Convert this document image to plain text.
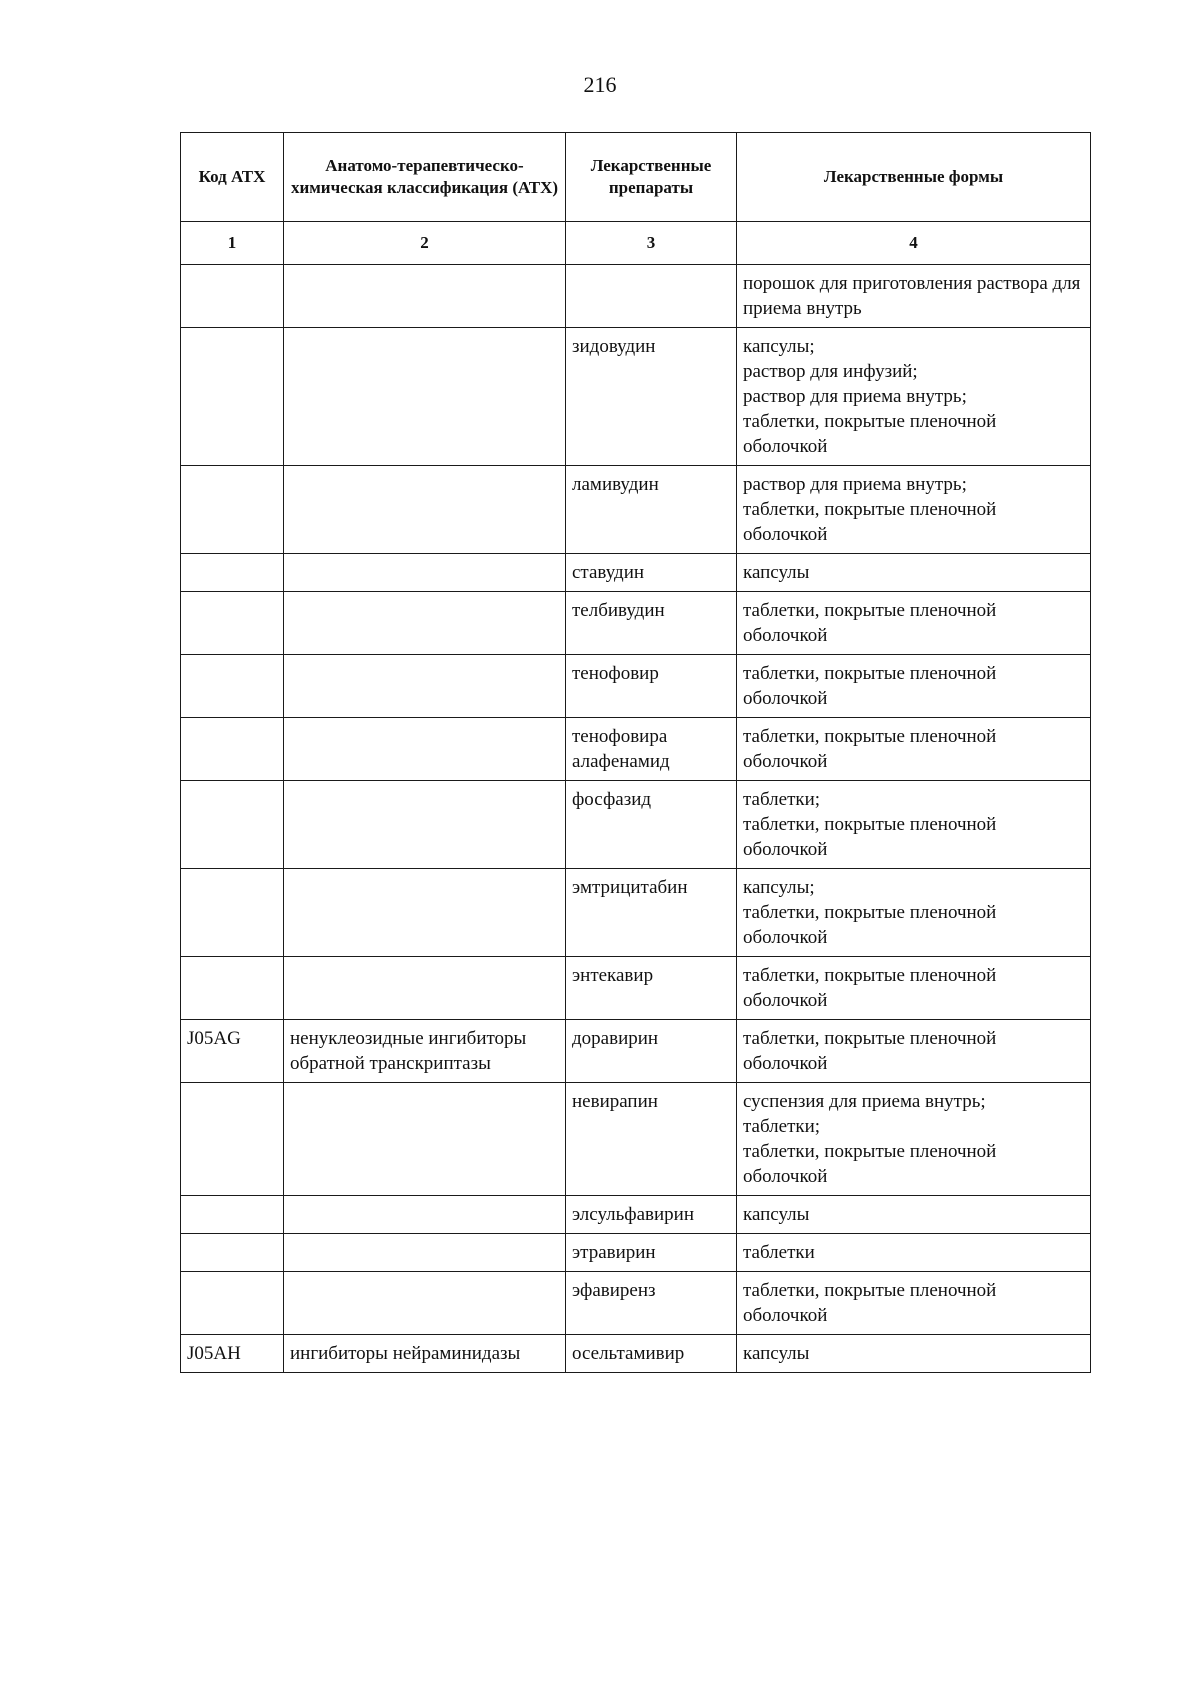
216
Код АТХ	Анатомо-терапевтическо-химическая классификация (АТХ)	Лекарственные препараты	Лекарственные формы
1	2	3	4

			порошок для приготовления раствора для приема внутрь

		зидовудин	капсулы;
раствор для инфузий;
раствор для приема внутрь;
таблетки, покрытые пленочной оболочкой

		ламивудин	раствор для приема внутрь;
таблетки, покрытые пленочной оболочкой

		ставудин	капсулы

		телбивудин	таблетки, покрытые пленочной оболочкой

		тенофовир	таблетки, покрытые пленочной оболочкой

		тенофовира алафенамид	таблетки, покрытые пленочной оболочкой

		фосфазид	таблетки;
таблетки, покрытые пленочной оболочкой

		эмтрицитабин	капсулы;
таблетки, покрытые пленочной оболочкой

		энтекавир	таблетки, покрытые пленочной оболочкой

J05AG	ненуклеозидные ингибиторы обратной транскриптазы	доравирин	таблетки, покрытые пленочной оболочкой

		невирапин	суспензия для приема внутрь;
таблетки;
таблетки, покрытые пленочной оболочкой

		элсульфавирин	капсулы

		этравирин	таблетки

		эфавиренз	таблетки, покрытые пленочной оболочкой

J05AH	ингибиторы нейраминидазы	осельтамивир	капсулы
